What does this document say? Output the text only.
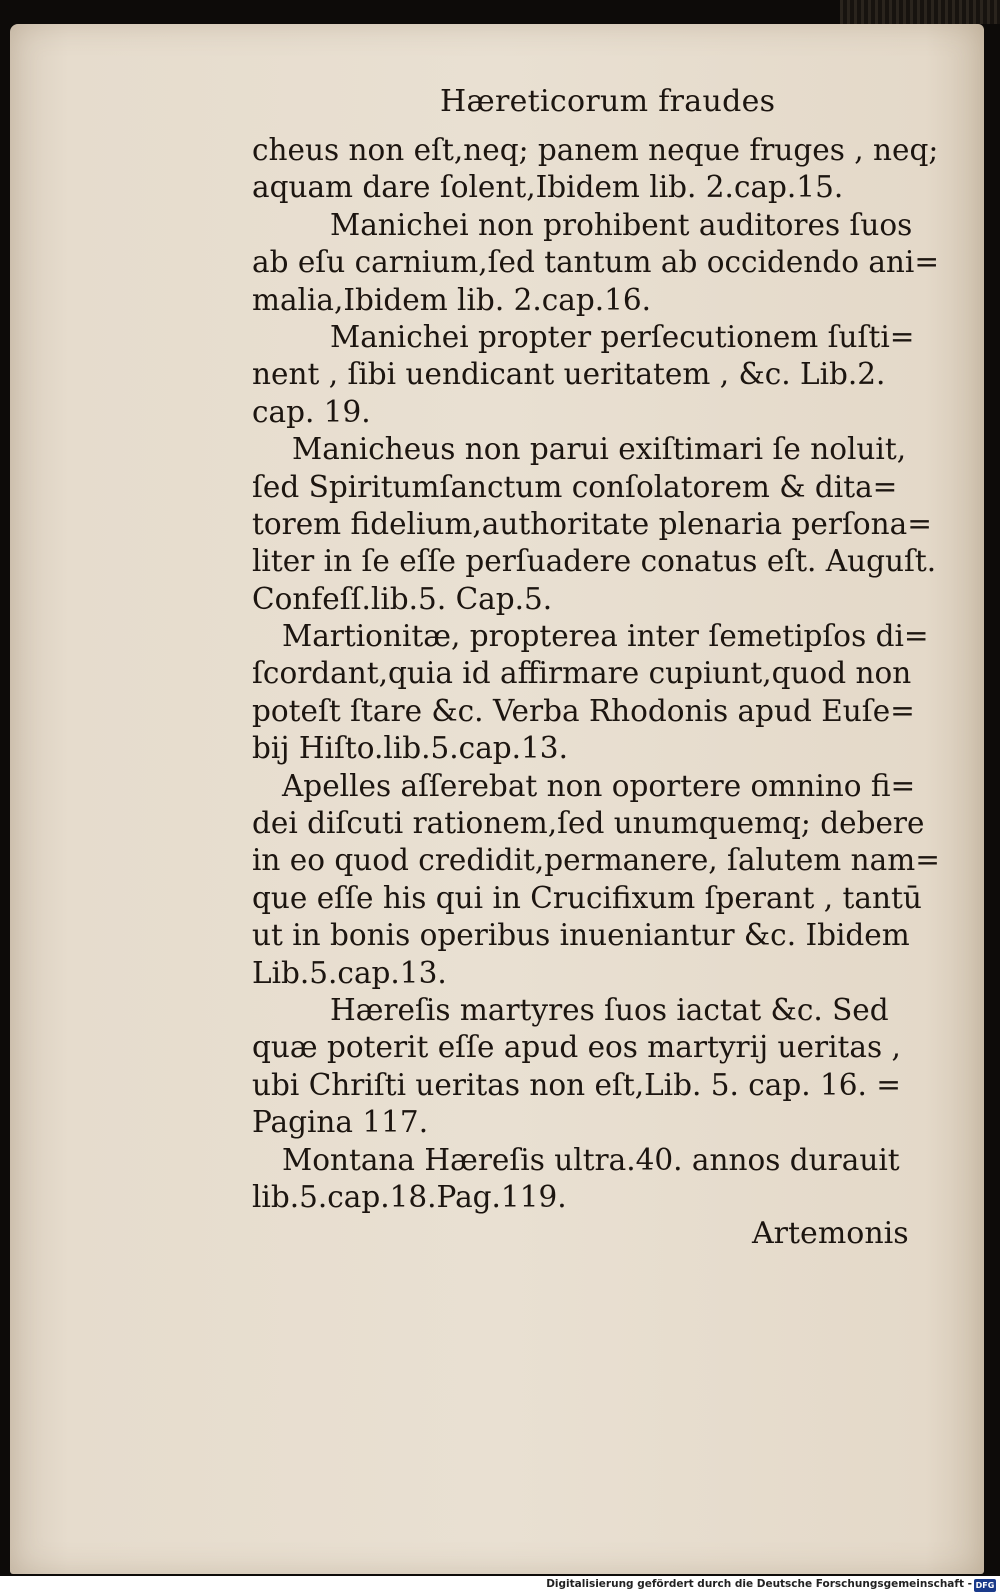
Hæreticorum fraudes
cheus non eſt,neq; panem neque fruges , neq;
aquam dare ſolent,Ibidem lib. 2.cap.15.
Manichei non prohibent auditores ſuos
ab eſu carnium,ſed tantum ab occidendo ani=
malia,Ibidem lib. 2.cap.16.
Manichei propter perſecutionem ſuſti=
nent , ſibi uendicant ueritatem , &c. Lib.2.
cap. 19.
Manicheus non parui exiſtimari ſe noluit,
ſed Spiritumſanctum conſolatorem & dita=
torem fidelium,authoritate plenaria perſona=
liter in ſe eſſe perſuadere conatus eſt. Auguſt.
Confeſſ.lib.5. Cap.5.
Martionitæ, propterea inter ſemetipſos di=
ſcordant,quia id affirmare cupiunt,quod non
poteſt ſtare &c. Verba Rhodonis apud Euſe=
bij Hiſto.lib.5.cap.13.
Apelles aſſerebat non oportere omnino fi=
dei diſcuti rationem,ſed unumquemq; debere
in eo quod credidit,permanere, ſalutem nam=
que eſſe his qui in Crucifixum ſperant , tantū
ut in bonis operibus inueniantur &c. Ibidem
Lib.5.cap.13.
Hæreſis martyres ſuos iactat &c. Sed
quæ poterit eſſe apud eos martyrij ueritas ,
ubi Chriſti ueritas non eſt,Lib. 5. cap. 16. =
Pagina 117.
Montana Hæreſis ultra.40. annos durauit
lib.5.cap.18.Pag.119.
Artemonis
Digitalisierung gefördert durch die Deutsche Forschungsgemeinschaft - DFG
